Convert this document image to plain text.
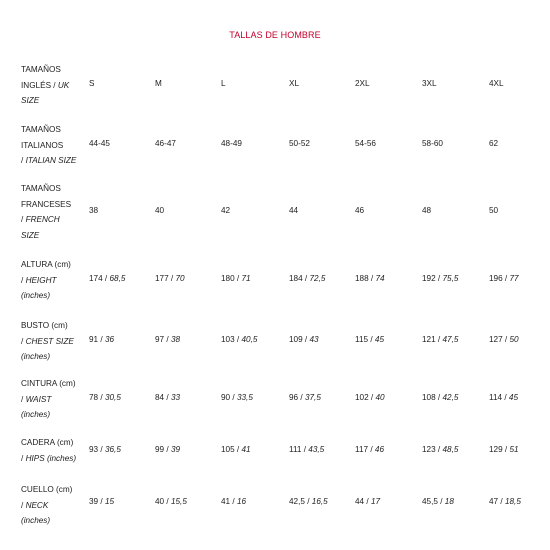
TALLAS DE HOMBRE
TAMAÑOS
INGLÉS / UK
SIZE
S	M	L	XL	2XL	3XL	4XL
TAMAÑOS
ITALIANOS
/ ITALIAN SIZE
44-45	46-47	48-49	50-52	54-56	58-60	62
TAMAÑOS
FRANCESES
/ FRENCH
SIZE
38	40	42	44	46	48	50
ALTURA (cm)
/ HEIGHT
(inches)
174 / 68,5	177 / 70	180 / 71	184 / 72,5	188 / 74	192 / 75,5	196 / 77
BUSTO (cm)
/ CHEST SIZE
(inches)
91 / 36	97 / 38	103 / 40,5	109 / 43	115 / 45	121 / 47,5	127 / 50
CINTURA (cm)
/ WAIST
(inches)
78 / 30,5	84 / 33	90 / 33,5	96 / 37,5	102 / 40	108 / 42,5	114 / 45
CADERA (cm)
/ HIPS (inches)
93 / 36,5	99 / 39	105 / 41	111 / 43,5	117 / 46	123 / 48,5	129 / 51
CUELLO (cm)
/ NECK
(inches)
39 / 15	40 / 15,5	41 / 16	42,5 / 16,5	44 / 17	45,5 / 18	47 / 18,5
